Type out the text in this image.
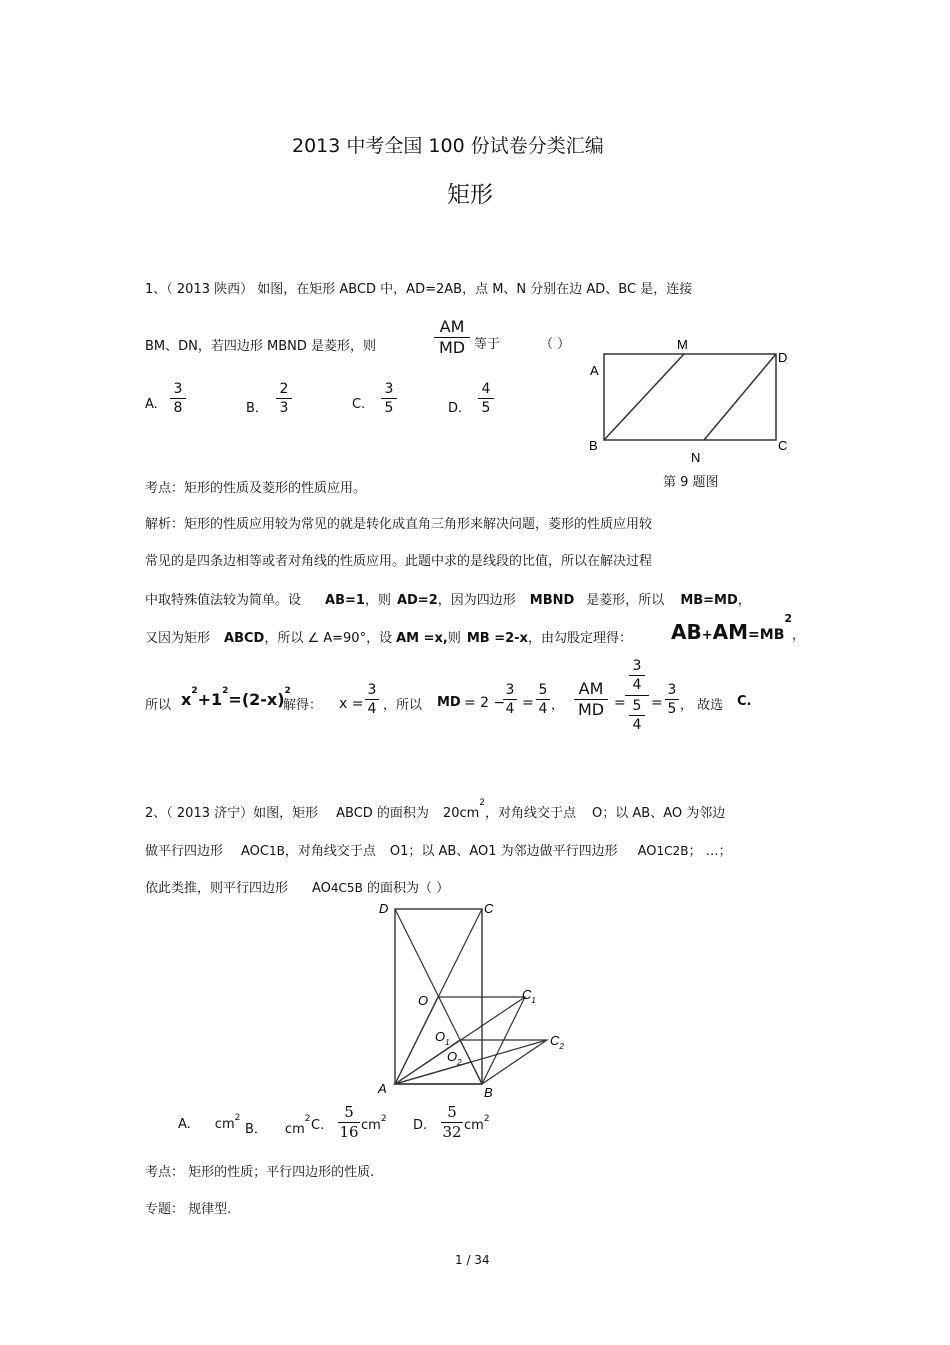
2013 中考全国 100 份试卷分类汇编
矩形
1、（ 2013 陕西） 如图，在矩形 ABCD 中，AD=2AB，点 M、N 分别在边 AD、BC 是，连接
BM、DN，若四边形 MBND 是菱形，则
AM
MD 等于	（ ）
A.
3
8	B．
2
3	C.
3
5	D．
4
5
A
M
D
B	C
N
第 9 题图
考点：矩形的性质及菱形的性质应用。
解析：矩形的性质应用较为常见的就是转化成直角三角形来解决问题，菱形的性质应用较
常见的是四条边相等或者对角线的性质应用。此题中求的是线段的比值，所以在解决过程
中取特殊值法较为简单。设 AB=1，则 AD=2，因为四边形 MBND 是菱形，所以 MB=MD，
又因为矩形 ABCD，所以 ∠ A=90°，设 AM =x,则 MB =2-x，由勾股定理得： $AB+AM=MB^2$，
所以 $x^2+1^2=(2-x)^2$
解得： x =
3
4 ，所以 MD = 2 −
3
4 =
5
4 ，
AM
MD =
3
4
5
4
=
3
5 ， 故选 C.
2、（ 2013 济宁）如图，矩形 ABCD 的面积为 $20cm^2$，对角线交于点 O；以 AB、AO 为邻边
做平行四边形 AOC1B，对角线交于点 O1；以 AB、AO1 为邻边做平行四边形 AO1C2B； …；
依此类推，则平行四边形 AO4C5B 的面积为（ ）
D	C
O	$C_1$
$O_1$
$O_2$
$C_2$
A	B
A. $cm^2$
B． $cm^2$ C.
5
16 $cm^2$ D.
5
32 $cm^2$
考点： 矩形的性质；平行四边形的性质.
专题： 规律型.
1 / 34
